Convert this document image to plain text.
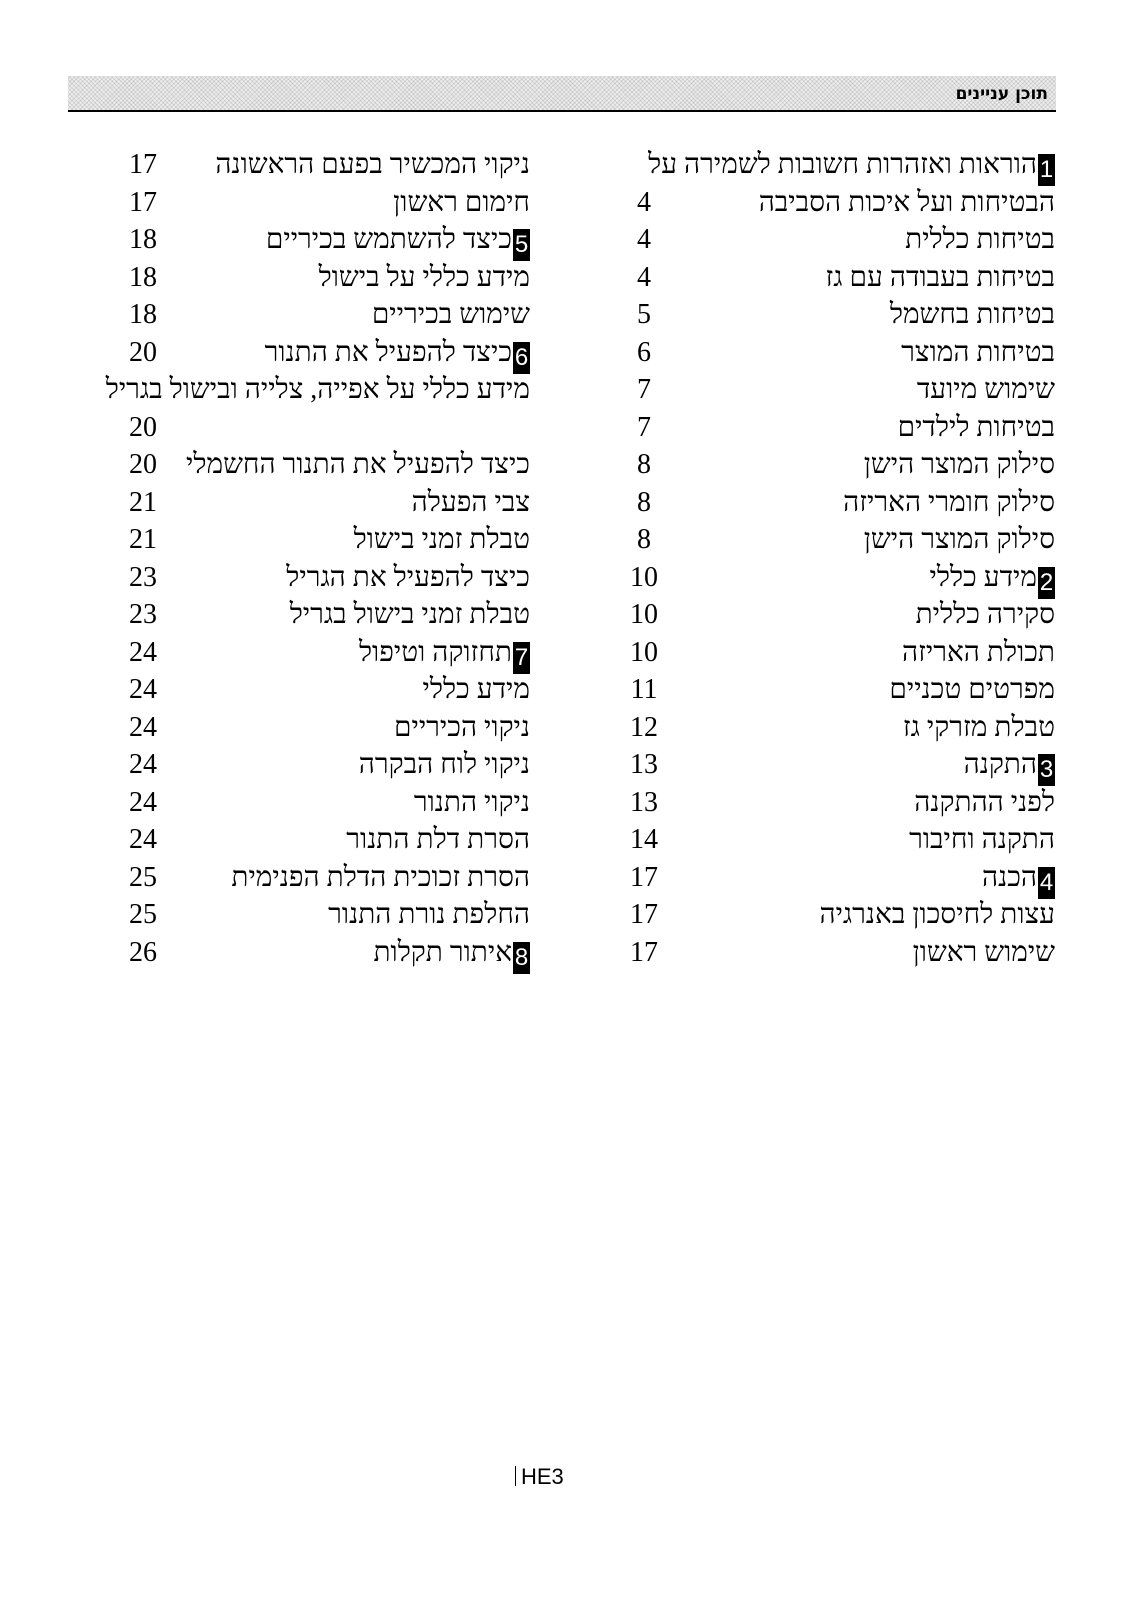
תוכן עניינים
1הוראות ואזהרות חשובות לשמירה על
הבטיחות ועל איכות הסביבה
4
בטיחות כללית
4
בטיחות בעבודה עם גז
4
בטיחות בחשמל
5
בטיחות המוצר
6
שימוש מיועד
7
בטיחות לילדים
7
סילוק המוצר הישן
8
סילוק חומרי האריזה
8
סילוק המוצר הישן
8
2מידע כללי
10
סקירה כללית
10
תכולת האריזה
10
מפרטים טכניים
11
טבלת מזרקי גז
12
3התקנה
13
לפני ההתקנה
13
התקנה וחיבור
14
4הכנה
17
עצות לחיסכון באנרגיה
17
שימוש ראשון
17
ניקוי המכשיר בפעם הראשונה
17
חימום ראשון
17
5כיצד להשתמש בכיריים
18
מידע כללי על בישול
18
שימוש בכיריים
18
6כיצד להפעיל את התנור
20
מידע כללי על אפייה, צלייה ובישול בגריל
20
כיצד להפעיל את התנור החשמלי
20
צבי הפעלה
21
טבלת זמני בישול
21
כיצד להפעיל את הגריל
23
טבלת זמני בישול בגריל
23
7תחזוקה וטיפול
24
מידע כללי
24
ניקוי הכיריים
24
ניקוי לוח הבקרה
24
ניקוי התנור
24
הסרת דלת התנור
24
הסרת זכוכית הדלת הפנימית
25
החלפת נורת התנור
25
8איתור תקלות
26
HE3
